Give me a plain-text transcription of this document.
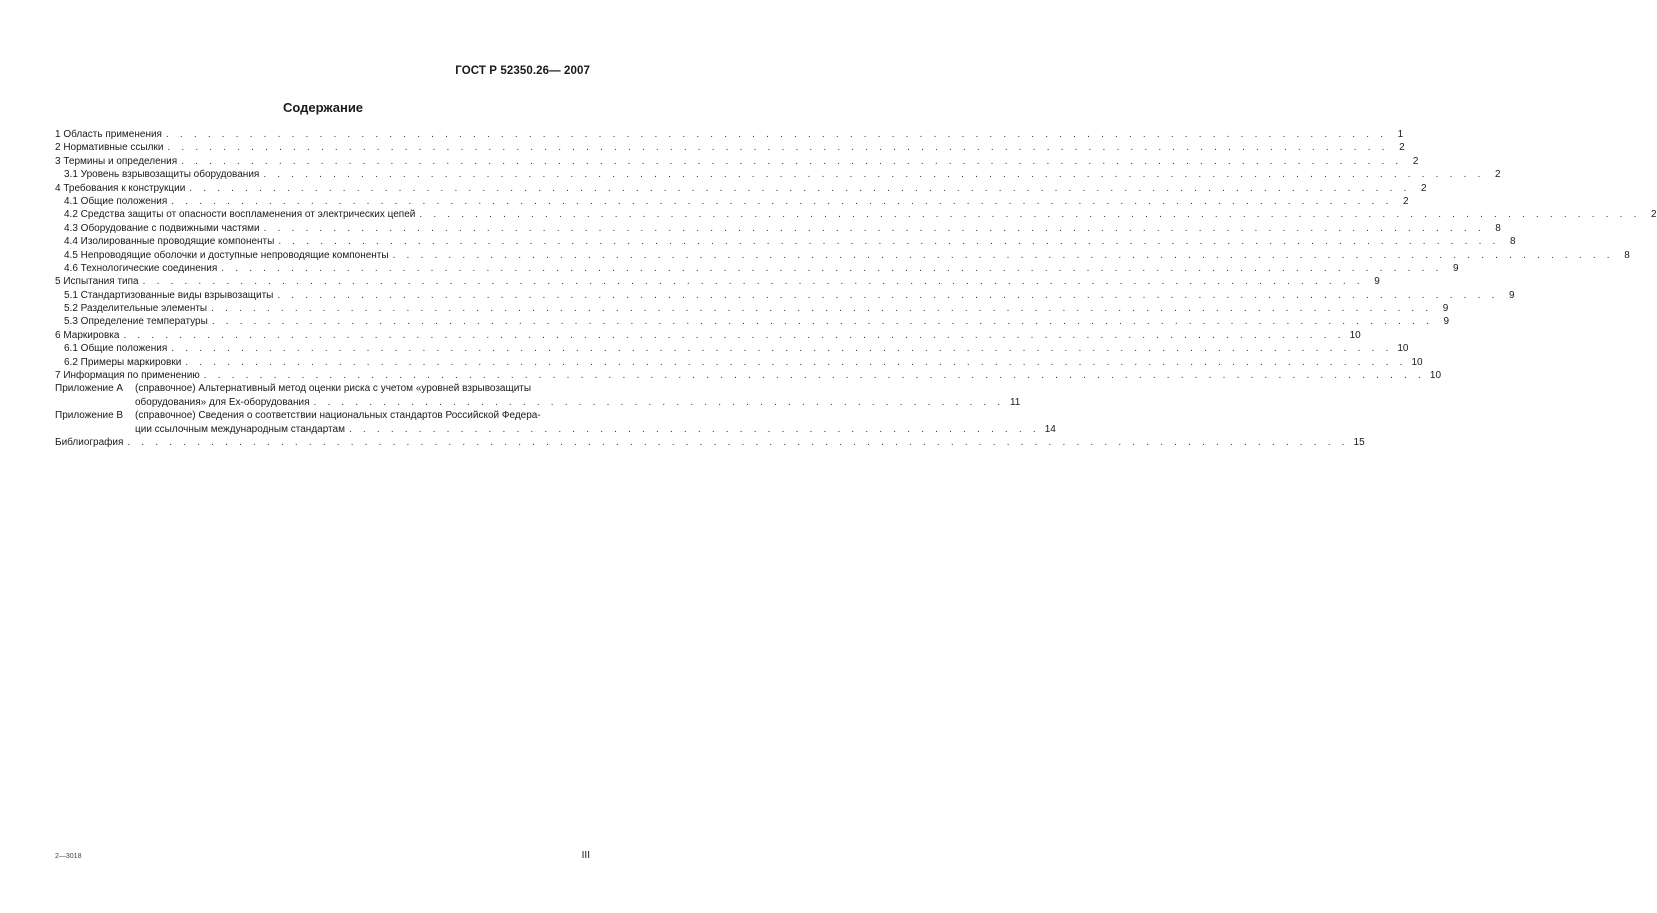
ГОСТ Р 52350.26— 2007
Содержание
1 Область применения . . .	1
2 Нормативные ссылки . . .	2
3 Термины и определения . . .	2
3.1 Уровень взрывозащиты оборудования . . .	2
4 Требования к конструкции . . .	2
4.1 Общие положения . . .	2
4.2 Средства защиты от опасности воспламенения от электрических цепей . . .	2
4.3 Оборудование с подвижными частями . . .	8
4.4 Изолированные проводящие компоненты . . .	8
4.5 Непроводящие оболочки и доступные непроводящие компоненты . . .	8
4.6 Технологические соединения . . .	9
5 Испытания типа . . .	9
5.1 Стандартизованные виды взрывозащиты . . .	9
5.2 Разделительные элементы . . .	9
5.3 Определение температуры . . .	9
6 Маркировка . . .	10
6.1 Общие положения . . .	10
6.2 Примеры маркировки . . .	10
7 Информация по применению . . .	10
Приложение А	(справочное) Альтернативный метод оценки риска с учетом «уровней взрывозащиты
оборудования» для Ех-оборудования . . .	11
Приложение В	(справочное) Сведения о соответствии национальных стандартов Российской Федера-
ции ссылочным международным стандартам . . .	14
Библиография . . .	15
2—3018	III
